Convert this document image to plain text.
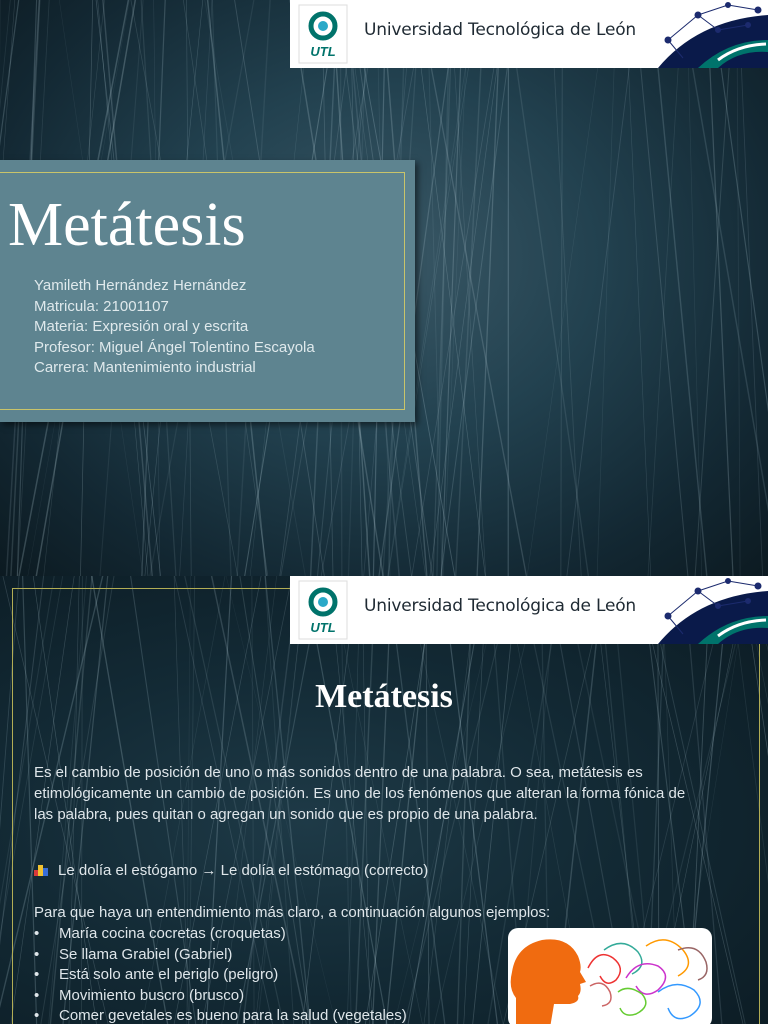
UTL
Universidad Tecnológica de León
Metátesis
Yamileth Hernández Hernández
Matricula: 21001107
Materia: Expresión oral y escrita
Profesor: Miguel Ángel Tolentino Escayola
Carrera: Mantenimiento industrial
UTL
Universidad Tecnológica de León
Metátesis
Es el cambio de posición de uno o más sonidos dentro de una palabra. O sea, metátesis es etimológicamente un cambio de posición. Es uno de los fenómenos que alteran la forma fónica de las palabra, pues quitan o agregan un sonido que es propio de una palabra.
Le dolía el estógamo → Le dolía el estómago (correcto)
Para que haya un entendimiento más claro, a continuación algunos ejemplos:
• María cocina cocretas (croquetas)
• Se llama Grabiel (Gabriel)
• Está solo ante el periglo (peligro)
• Movimiento buscro (brusco)
• Comer gevetales es bueno para la salud (vegetales)
